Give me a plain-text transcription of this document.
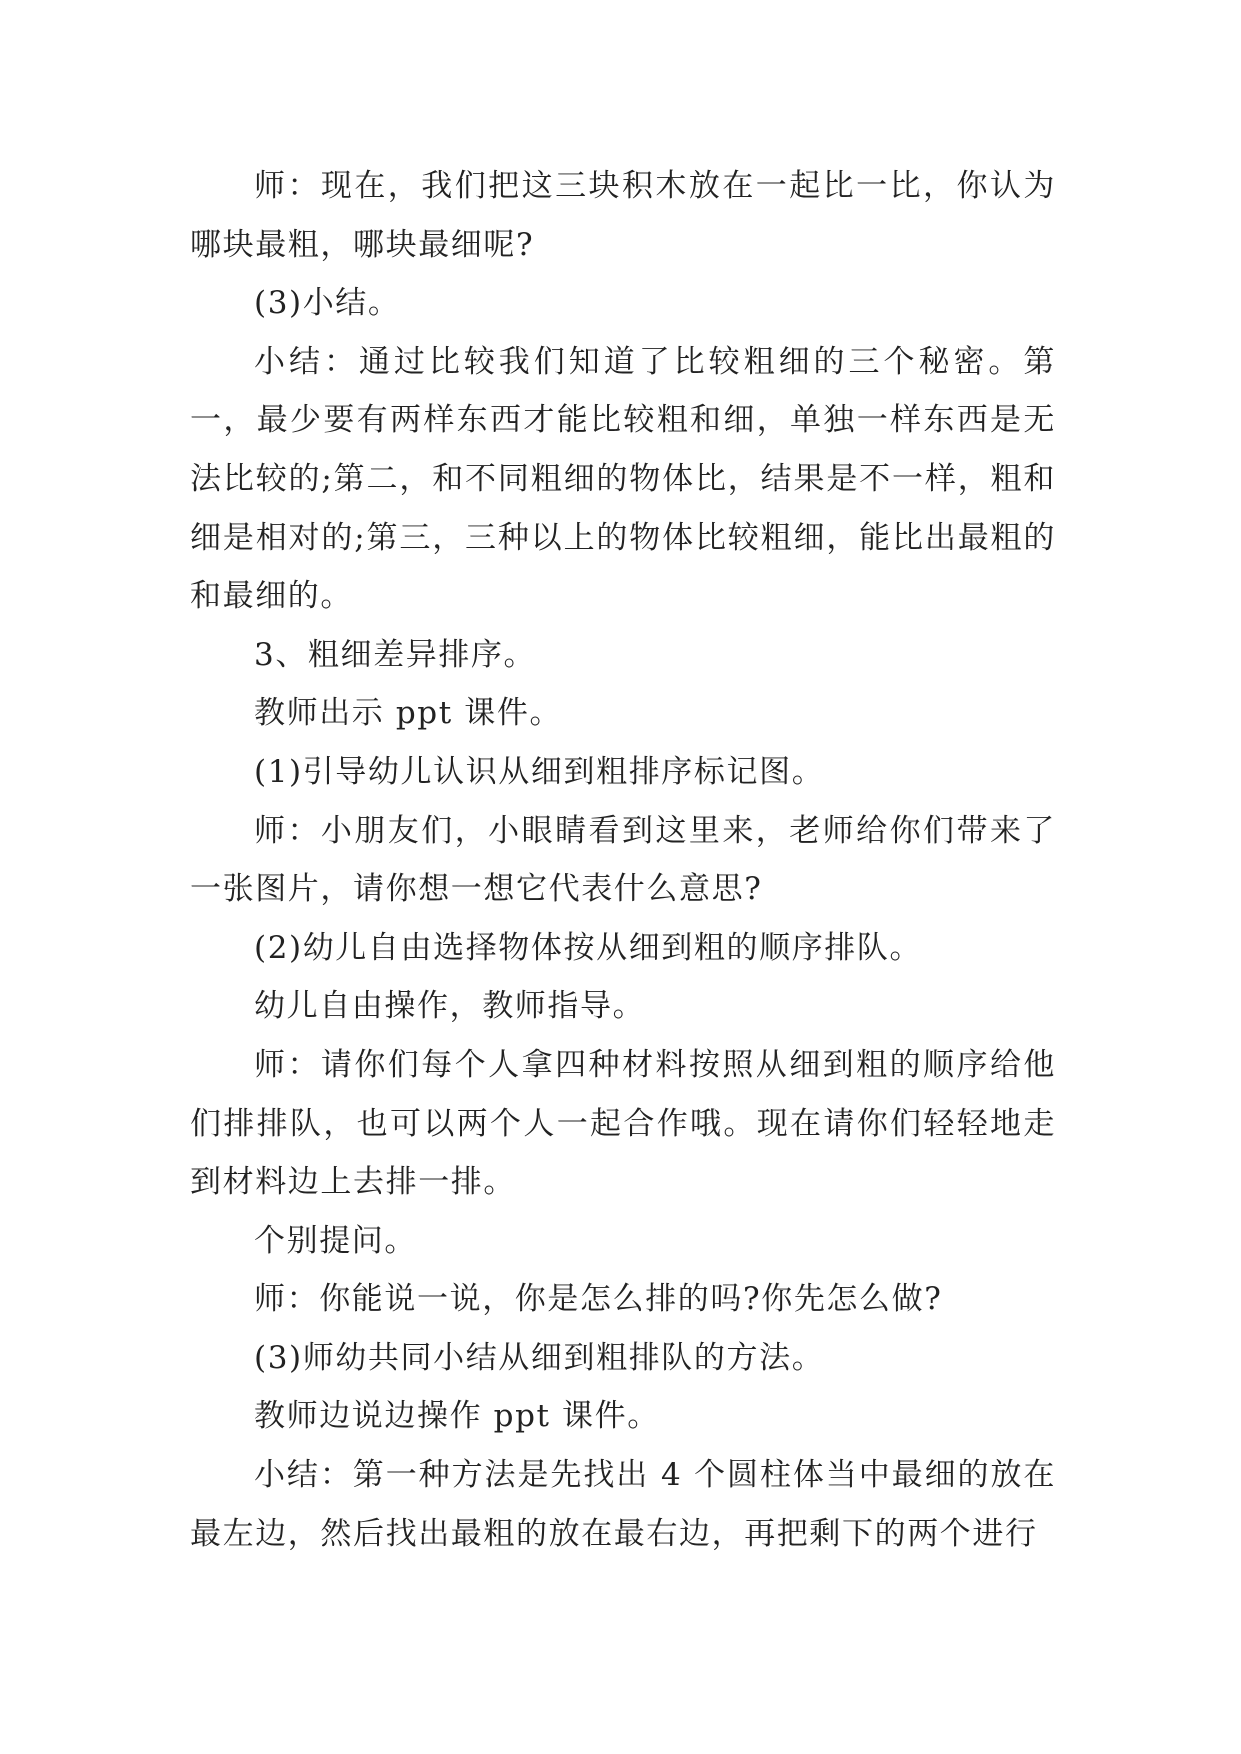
师：现在，我们把这三块积木放在一起比一比，你认为哪块最粗，哪块最细呢?

(3)小结。

小结：通过比较我们知道了比较粗细的三个秘密。第一，最少要有两样东西才能比较粗和细，单独一样东西是无法比较的;第二，和不同粗细的物体比，结果是不一样，粗和细是相对的;第三，三种以上的物体比较粗细，能比出最粗的和最细的。

3、粗细差异排序。

教师出示 ppt 课件。

(1)引导幼儿认识从细到粗排序标记图。

师：小朋友们，小眼睛看到这里来，老师给你们带来了一张图片，请你想一想它代表什么意思?

(2)幼儿自由选择物体按从细到粗的顺序排队。

幼儿自由操作，教师指导。

师：请你们每个人拿四种材料按照从细到粗的顺序给他们排排队，也可以两个人一起合作哦。现在请你们轻轻地走到材料边上去排一排。

个别提问。

师：你能说一说，你是怎么排的吗?你先怎么做?

(3)师幼共同小结从细到粗排队的方法。

教师边说边操作 ppt 课件。

小结：第一种方法是先找出 4 个圆柱体当中最细的放在最左边，然后找出最粗的放在最右边，再把剩下的两个进行
